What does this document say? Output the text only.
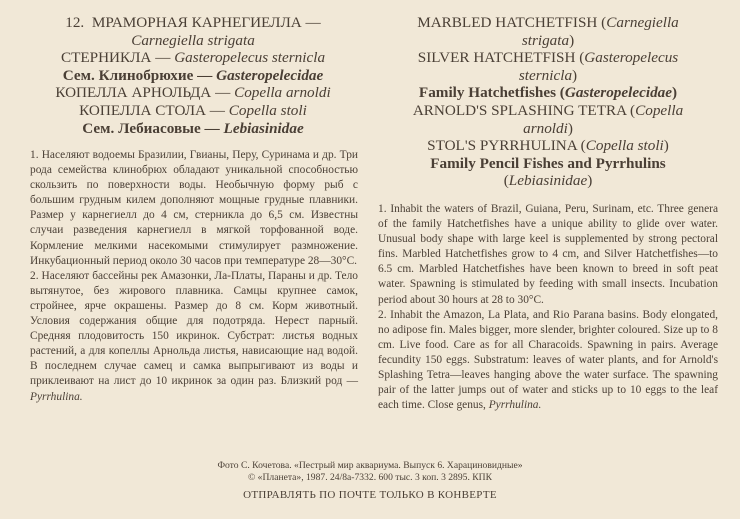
12. МРАМОРНАЯ КАРНЕГИЕЛЛА —
Carnegiella strigata
СТЕРНИКЛА — Gasteropelecus sternicla
Сем. Клинобрюхие — Gasteropelecidae
КОПЕЛЛА АРНОЛЬДА — Copella arnoldi
КОПЕЛЛА СТОЛА — Copella stoli
Сем. Лебиасовые — Lebiasinidae

1. Населяют водоемы Бразилии, Гвианы, Перу, Суринама и др. Три рода семейства клинобрюх обладают уникальной способностью скользить по поверхности воды. Необычную форму рыб с большим грудным килем дополняют мощные грудные плавники. Размер у карнегиелл до 4 см, стерникла до 6,5 см. Известны случаи разведения карнегиелл в мягкой торфованной воде. Кормление мелкими насекомыми стимулирует размножение. Инкубационный период около 30 часов при температуре 28—30°C.

2. Населяют бассейны рек Амазонки, Ла-Платы, Параны и др. Тело вытянутое, без жирового плавника. Самцы крупнее самок, стройнее, ярче окрашены. Размер до 8 см. Корм животный. Условия содержания общие для подотряда. Нерест парный. Средняя плодовитость 150 икринок. Субстрат: листья водных растений, а для копеллы Арнольда листья, нависающие над водой. В последнем случае самец и самка выпрыгивают из воды и приклеивают на лист до 10 икринок за один раз. Близкий род — Pyrrhulina.

MARBLED HATCHETFISH (Carnegiella
strigata)
SILVER HATCHETFISH (Gasteropelecus
sternicla)
Family Hatchetfishes (Gasteropelecidae)
ARNOLD'S SPLASHING TETRA (Copella
arnoldi)
STOL'S PYRRHULINA (Copella stoli)
Family Pencil Fishes and Pyrrhulins
(Lebiasinidae)

1. Inhabit the waters of Brazil, Guiana, Peru, Surinam, etc. Three genera of the family Hatchetfishes have a unique ability to glide over water. Unusual body shape with large keel is supplemented by strong pectoral fins. Marbled Hatchetfishes grow to 4 cm, and Silver Hatchetfishes—to 6.5 cm. Marbled Hatchetfishes have been known to breed in soft peat water. Spawning is stimulated by feeding with small insects. Incubation period about 30 hours at 28 to 30°C.

2. Inhabit the Amazon, La Plata, and Rio Parana basins. Body elongated, no adipose fin. Males bigger, more slender, brighter coloured. Size up to 8 cm. Live food. Care as for all Characoids. Spawning in pairs. Average fecundity 150 eggs. Substratum: leaves of water plants, and for Arnold's Splashing Tetra—leaves hanging above the water surface. The spawning pair of the latter jumps out of water and sticks up to 10 eggs to the leaf each time. Close genus, Pyrrhulina.

Фото С. Кочетова. «Пестрый мир аквариума. Выпуск 6. Харациновидные»
© «Планета», 1987. 24/8а-7332. 600 тыс. 3 коп. 3 2895. КПК
ОТПРАВЛЯТЬ ПО ПОЧТЕ ТОЛЬКО В КОНВЕРТЕ
